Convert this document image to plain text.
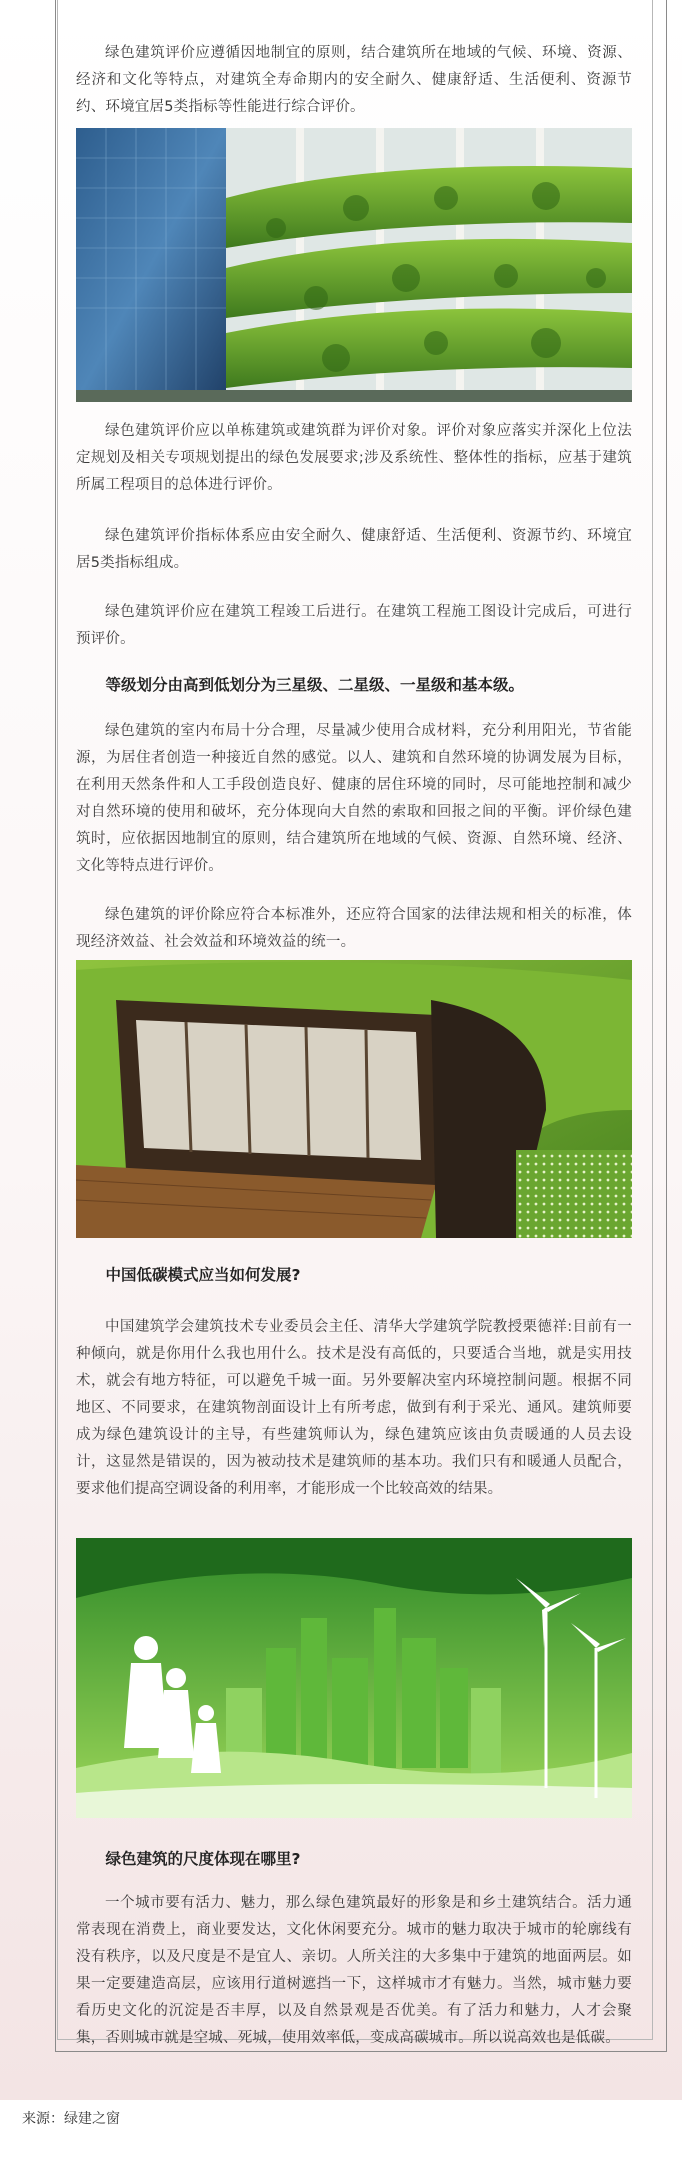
绿色建筑评价应遵循因地制宜的原则，结合建筑所在地域的气候、环境、资源、经济和文化等特点，对建筑全寿命期内的安全耐久、健康舒适、生活便利、资源节约、环境宜居5类指标等性能进行综合评价。

绿色建筑评价应以单栋建筑或建筑群为评价对象。评价对象应落实并深化上位法定规划及相关专项规划提出的绿色发展要求;涉及系统性、整体性的指标，应基于建筑所属工程项目的总体进行评价。

绿色建筑评价指标体系应由安全耐久、健康舒适、生活便利、资源节约、环境宜居5类指标组成。

绿色建筑评价应在建筑工程竣工后进行。在建筑工程施工图设计完成后，可进行预评价。

等级划分由高到低划分为三星级、二星级、一星级和基本级。

绿色建筑的室内布局十分合理，尽量减少使用合成材料，充分利用阳光，节省能源，为居住者创造一种接近自然的感觉。以人、建筑和自然环境的协调发展为目标，在利用天然条件和人工手段创造良好、健康的居住环境的同时，尽可能地控制和减少对自然环境的使用和破坏，充分体现向大自然的索取和回报之间的平衡。评价绿色建筑时，应依据因地制宜的原则，结合建筑所在地域的气候、资源、自然环境、经济、文化等特点进行评价。

绿色建筑的评价除应符合本标准外，还应符合国家的法律法规和相关的标准，体现经济效益、社会效益和环境效益的统一。

中国低碳模式应当如何发展?

中国建筑学会建筑技术专业委员会主任、清华大学建筑学院教授栗德祥:目前有一种倾向，就是你用什么我也用什么。技术是没有高低的，只要适合当地，就是实用技术，就会有地方特征，可以避免千城一面。另外要解决室内环境控制问题。根据不同地区、不同要求，在建筑物剖面设计上有所考虑，做到有利于采光、通风。建筑师要成为绿色建筑设计的主导，有些建筑师认为，绿色建筑应该由负责暖通的人员去设计，这显然是错误的，因为被动技术是建筑师的基本功。我们只有和暖通人员配合，要求他们提高空调设备的利用率，才能形成一个比较高效的结果。

绿色建筑的尺度体现在哪里?

一个城市要有活力、魅力，那么绿色建筑最好的形象是和乡土建筑结合。活力通常表现在消费上，商业要发达，文化休闲要充分。城市的魅力取决于城市的轮廓线有没有秩序，以及尺度是不是宜人、亲切。人所关注的大多集中于建筑的地面两层。如果一定要建造高层，应该用行道树遮挡一下，这样城市才有魅力。当然，城市魅力要看历史文化的沉淀是否丰厚，以及自然景观是否优美。有了活力和魅力，人才会聚集，否则城市就是空城、死城，使用效率低，变成高碳城市。所以说高效也是低碳。

来源：绿建之窗
